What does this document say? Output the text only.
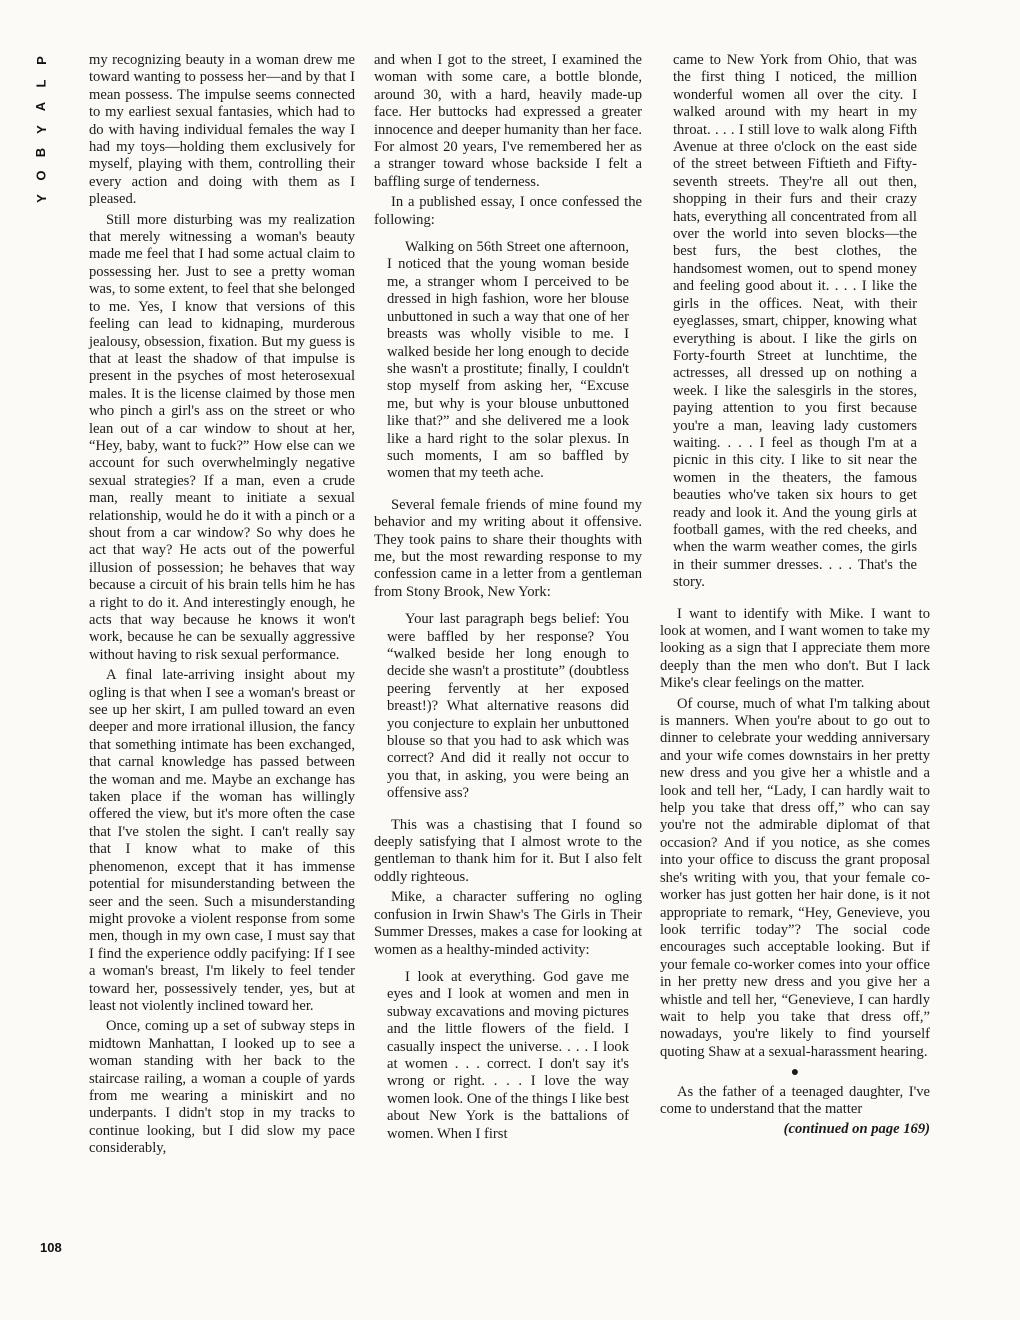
P
L
A
Y
B
O
Y
108

my recognizing beauty in a woman drew me toward wanting to possess her—and by that I mean possess. The impulse seems connected to my earliest sexual fantasies, which had to do with having individual females the way I had my toys—holding them exclusively for myself, playing with them, controlling their every action and doing with them as I pleased.

Still more disturbing was my realization that merely witnessing a woman's beauty made me feel that I had some actual claim to possessing her. Just to see a pretty woman was, to some extent, to feel that she belonged to me. Yes, I know that versions of this feeling can lead to kidnaping, murderous jealousy, obsession, fixation. But my guess is that at least the shadow of that impulse is present in the psyches of most heterosexual males. It is the license claimed by those men who pinch a girl's ass on the street or who lean out of a car window to shout at her, “Hey, baby, want to fuck?” How else can we account for such overwhelmingly negative sexual strategies? If a man, even a crude man, really meant to initiate a sexual relationship, would he do it with a pinch or a shout from a car window? So why does he act that way? He acts out of the powerful illusion of possession; he behaves that way because a circuit of his brain tells him he has a right to do it. And interestingly enough, he acts that way because he knows it won't work, because he can be sexually aggressive without having to risk sexual performance.

A final late-arriving insight about my ogling is that when I see a woman's breast or see up her skirt, I am pulled toward an even deeper and more irrational illusion, the fancy that something intimate has been exchanged, that carnal knowledge has passed between the woman and me. Maybe an exchange has taken place if the woman has willingly offered the view, but it's more often the case that I've stolen the sight. I can't really say that I know what to make of this phenomenon, except that it has immense potential for misunderstanding between the seer and the seen. Such a misunderstanding might provoke a violent response from some men, though in my own case, I must say that I find the experience oddly pacifying: If I see a woman's breast, I'm likely to feel tender toward her, possessively tender, yes, but at least not violently inclined toward her.

Once, coming up a set of subway steps in midtown Manhattan, I looked up to see a woman standing with her back to the staircase railing, a woman a couple of yards from me wearing a miniskirt and no underpants. I didn't stop in my tracks to continue looking, but I did slow my pace considerably,

and when I got to the street, I examined the woman with some care, a bottle blonde, around 30, with a hard, heavily made-up face. Her buttocks had expressed a greater innocence and deeper humanity than her face. For almost 20 years, I've remembered her as a stranger toward whose backside I felt a baffling surge of tenderness.

In a published essay, I once confessed the following:

Walking on 56th Street one afternoon, I noticed that the young woman beside me, a stranger whom I perceived to be dressed in high fashion, wore her blouse unbuttoned in such a way that one of her breasts was wholly visible to me. I walked beside her long enough to decide she wasn't a prostitute; finally, I couldn't stop myself from asking her, “Excuse me, but why is your blouse unbuttoned like that?” and she delivered me a look like a hard right to the solar plexus. In such moments, I am so baffled by women that my teeth ache.

Several female friends of mine found my behavior and my writing about it offensive. They took pains to share their thoughts with me, but the most rewarding response to my confession came in a letter from a gentleman from Stony Brook, New York:

Your last paragraph begs belief: You were baffled by her response? You “walked beside her long enough to decide she wasn't a prostitute” (doubtless peering fervently at her exposed breast!)? What alternative reasons did you conjecture to explain her unbuttoned blouse so that you had to ask which was correct? And did it really not occur to you that, in asking, you were being an offensive ass?

This was a chastising that I found so deeply satisfying that I almost wrote to the gentleman to thank him for it. But I also felt oddly righteous.

Mike, a character suffering no ogling confusion in Irwin Shaw's The Girls in Their Summer Dresses, makes a case for looking at women as a healthy-minded activity:

I look at everything. God gave me eyes and I look at women and men in subway excavations and moving pictures and the little flowers of the field. I casually inspect the universe. . . . I look at women . . . correct. I don't say it's wrong or right. . . . I love the way women look. One of the things I like best about New York is the battalions of women. When I first

came to New York from Ohio, that was the first thing I noticed, the million wonderful women all over the city. I walked around with my heart in my throat. . . . I still love to walk along Fifth Avenue at three o'clock on the east side of the street between Fiftieth and Fifty-seventh streets. They're all out then, shopping in their furs and their crazy hats, everything all concentrated from all over the world into seven blocks—the best furs, the best clothes, the handsomest women, out to spend money and feeling good about it. . . . I like the girls in the offices. Neat, with their eyeglasses, smart, chipper, knowing what everything is about. I like the girls on Forty-fourth Street at lunchtime, the actresses, all dressed up on nothing a week. I like the salesgirls in the stores, paying attention to you first because you're a man, leaving lady customers waiting. . . . I feel as though I'm at a picnic in this city. I like to sit near the women in the theaters, the famous beauties who've taken six hours to get ready and look it. And the young girls at football games, with the red cheeks, and when the warm weather comes, the girls in their summer dresses. . . . That's the story.

I want to identify with Mike. I want to look at women, and I want women to take my looking as a sign that I appreciate them more deeply than the men who don't. But I lack Mike's clear feelings on the matter.

Of course, much of what I'm talking about is manners. When you're about to go out to dinner to celebrate your wedding anniversary and your wife comes downstairs in her pretty new dress and you give her a whistle and a look and tell her, “Lady, I can hardly wait to help you take that dress off,” who can say you're not the admirable diplomat of that occasion? And if you notice, as she comes into your office to discuss the grant proposal she's writing with you, that your female co-worker has just gotten her hair done, is it not appropriate to remark, “Hey, Genevieve, you look terrific today”? The social code encourages such acceptable looking. But if your female co-worker comes into your office in her pretty new dress and you give her a whistle and tell her, “Genevieve, I can hardly wait to help you take that dress off,” nowadays, you're likely to find yourself quoting Shaw at a sexual-harassment hearing.

●

As the father of a teenaged daughter, I've come to understand that the matter

(continued on page 169)
